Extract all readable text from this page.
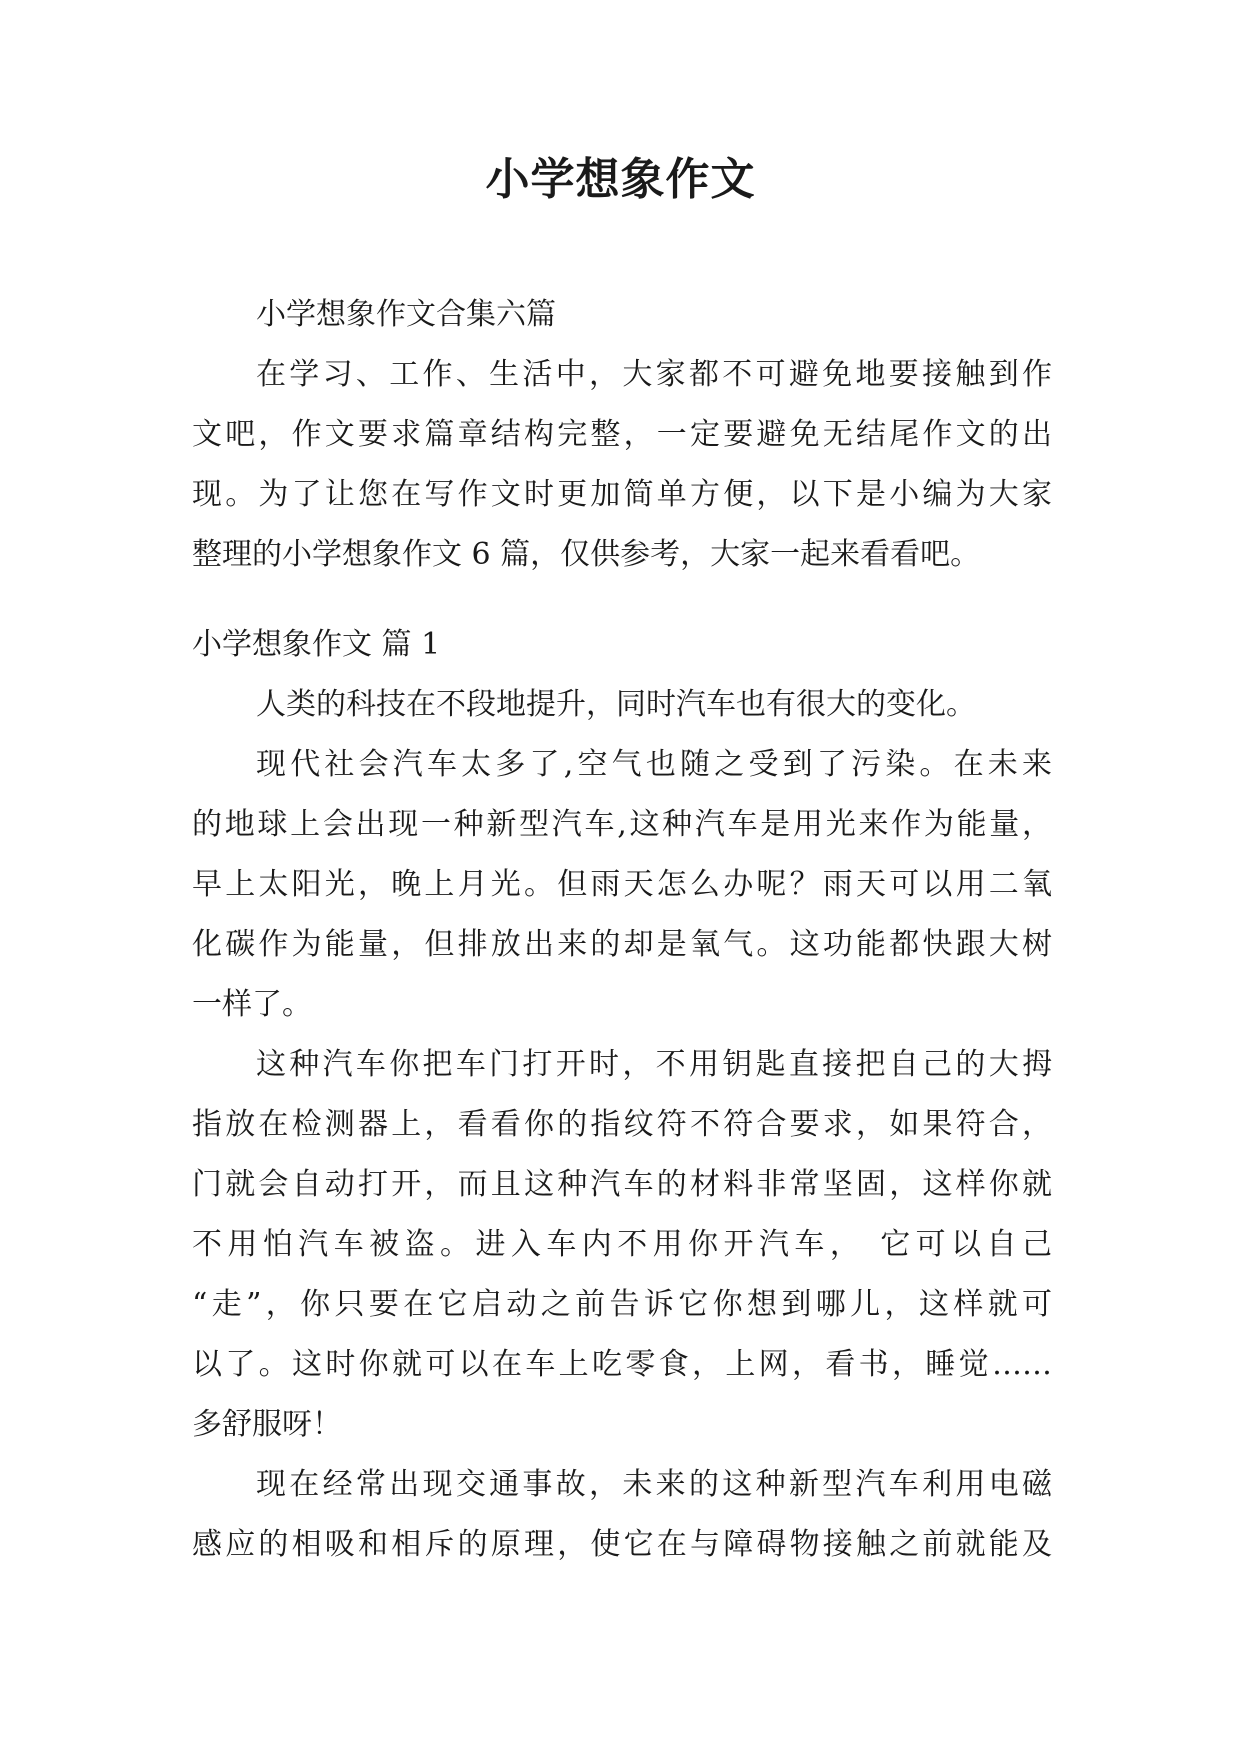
小学想象作文
小学想象作文合集六篇
在学习、工作、生活中，大家都不可避免地要接触到作
文吧，作文要求篇章结构完整，一定要避免无结尾作文的出
现。为了让您在写作文时更加简单方便，以下是小编为大家
整理的小学想象作文 6 篇，仅供参考，大家一起来看看吧。
小学想象作文 篇 1
人类的科技在不段地提升，同时汽车也有很大的变化。
现代社会汽车太多了,空气也随之受到了污染。在未来
的地球上会出现一种新型汽车,这种汽车是用光来作为能量，
早上太阳光，晚上月光。但雨天怎么办呢？雨天可以用二氧
化碳作为能量，但排放出来的却是氧气。这功能都快跟大树
一样了。
这种汽车你把车门打开时，不用钥匙直接把自己的大拇
指放在检测器上，看看你的指纹符不符合要求，如果符合，
门就会自动打开，而且这种汽车的材料非常坚固，这样你就
不用怕汽车被盗。进入车内不用你开汽车， 它可以自己
“走”，你只要在它启动之前告诉它你想到哪儿，这样就可
以了。这时你就可以在车上吃零食，上网，看书，睡觉……
多舒服呀！
现在经常出现交通事故，未来的这种新型汽车利用电磁
感应的相吸和相斥的原理，使它在与障碍物接触之前就能及
